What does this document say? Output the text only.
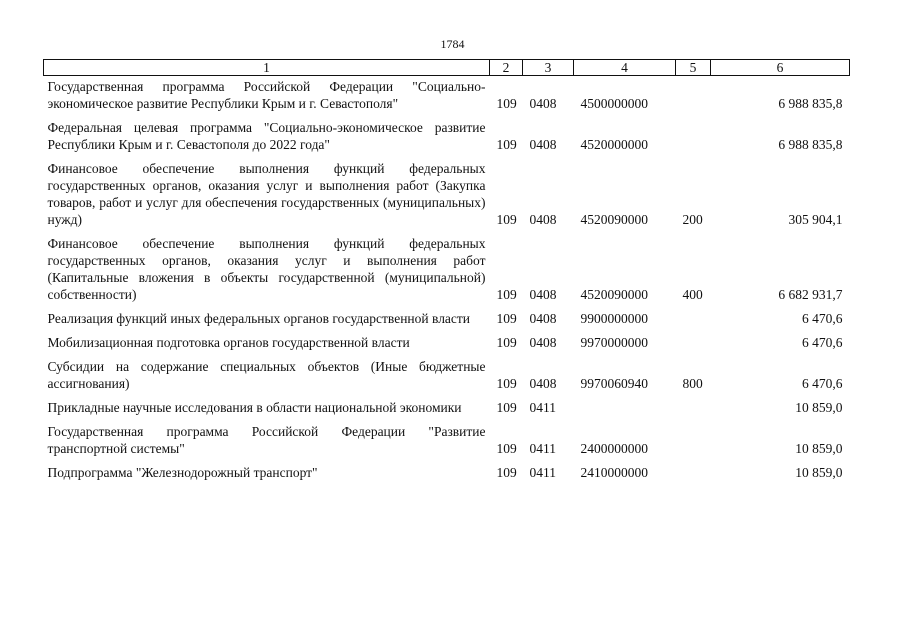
1784
1	2	3	4	5	6
Государственная программа Российской Федерации "Социально-экономическое развитие Республики Крым и г. Севастополя"	109	0408	4500000000		6 988 835,8
Федеральная целевая программа "Социально-экономическое развитие Республики Крым и г. Севастополя до 2022 года"	109	0408	4520000000		6 988 835,8
Финансовое обеспечение выполнения функций федеральных государственных органов, оказания услуг и выполнения работ (Закупка товаров, работ и услуг для обеспечения государственных (муниципальных) нужд)	109	0408	4520090000	200	305 904,1
Финансовое обеспечение выполнения функций федеральных государственных органов, оказания услуг и выполнения работ (Капитальные вложения в объекты государственной (муниципальной) собственности)	109	0408	4520090000	400	6 682 931,7
Реализация функций иных федеральных органов государственной власти	109	0408	9900000000		6 470,6
Мобилизационная подготовка органов государственной власти	109	0408	9970000000		6 470,6
Субсидии на содержание специальных объектов (Иные бюджетные ассигнования)	109	0408	9970060940	800	6 470,6
Прикладные научные исследования в области национальной экономики	109	0411			10 859,0
Государственная программа Российской Федерации "Развитие транспортной системы"	109	0411	2400000000		10 859,0
Подпрограмма "Железнодорожный транспорт"	109	0411	2410000000		10 859,0
